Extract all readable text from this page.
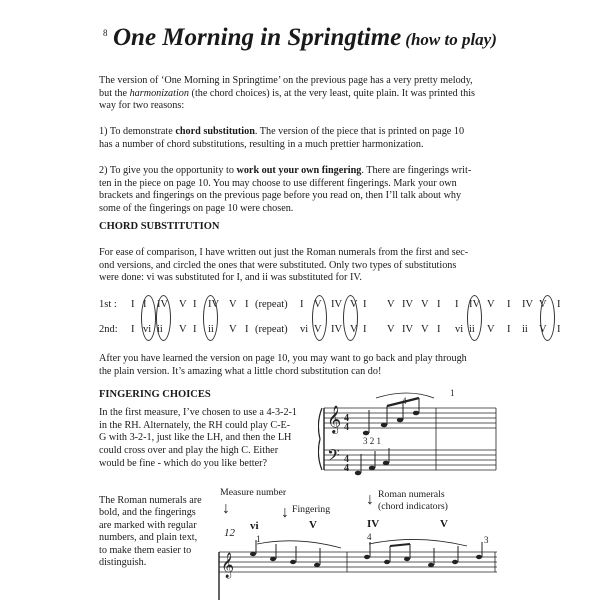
8 One Morning in Springtime (how to play)
The version of ‘One Morning in Springtime’ on the previous page has a very pretty melody,
but the harmonization (the chord choices) is, at the very least, quite plain. It was printed this
way for two reasons:
1) To demonstrate chord substitution. The version of the piece that is printed on page 10
has a number of chord substitutions, resulting in a much prettier harmonization.
2) To give you the opportunity to work out your own fingering. There are fingerings writ-
ten in the piece on page 10. You may choose to use different fingerings. Mark your own
brackets and fingerings on the previous page before you read on, then I’ll talk about why
some of the fingerings on page 10 were chosen.
CHORD SUBSTITUTION
For ease of comparison, I have written out just the Roman numerals from the first and sec-
ond versions, and circled the ones that were substituted. Only two types of substitutions
were done: vi was substituted for I, and ii was substituted for IV.
1st : I I IV V I IV V I (repeat) I V IV V I V IV V I I IV V I IV V I
2nd: I vi ii V I ii V I (repeat) vi V IV V I V IV V I vi ii V I ii V I
After you have learned the version on page 10, you may want to go back and play through
the plain version. It’s amazing what a little chord substitution can do!
FINGERING CHOICES
In the first measure, I’ve chosen to use a 4-3-2-1
in the RH. Alternately, the RH could play C-E-
G with 3-2-1, just like the LH, and then the LH
could cross over and play the high C. Either
would be fine - which do you like better?
𝄞
𝄢
4
4
4
4
4
1
3 2 1
The Roman numerals are
bold, and the fingerings
are marked with regular
numbers, and plain text,
to make them easier to
distinguish.
Measure number
↓	Fingering
↓
Roman numerals
(chord indicators)
↓
12
vi	V	IV	V
1	4	3
𝄞
